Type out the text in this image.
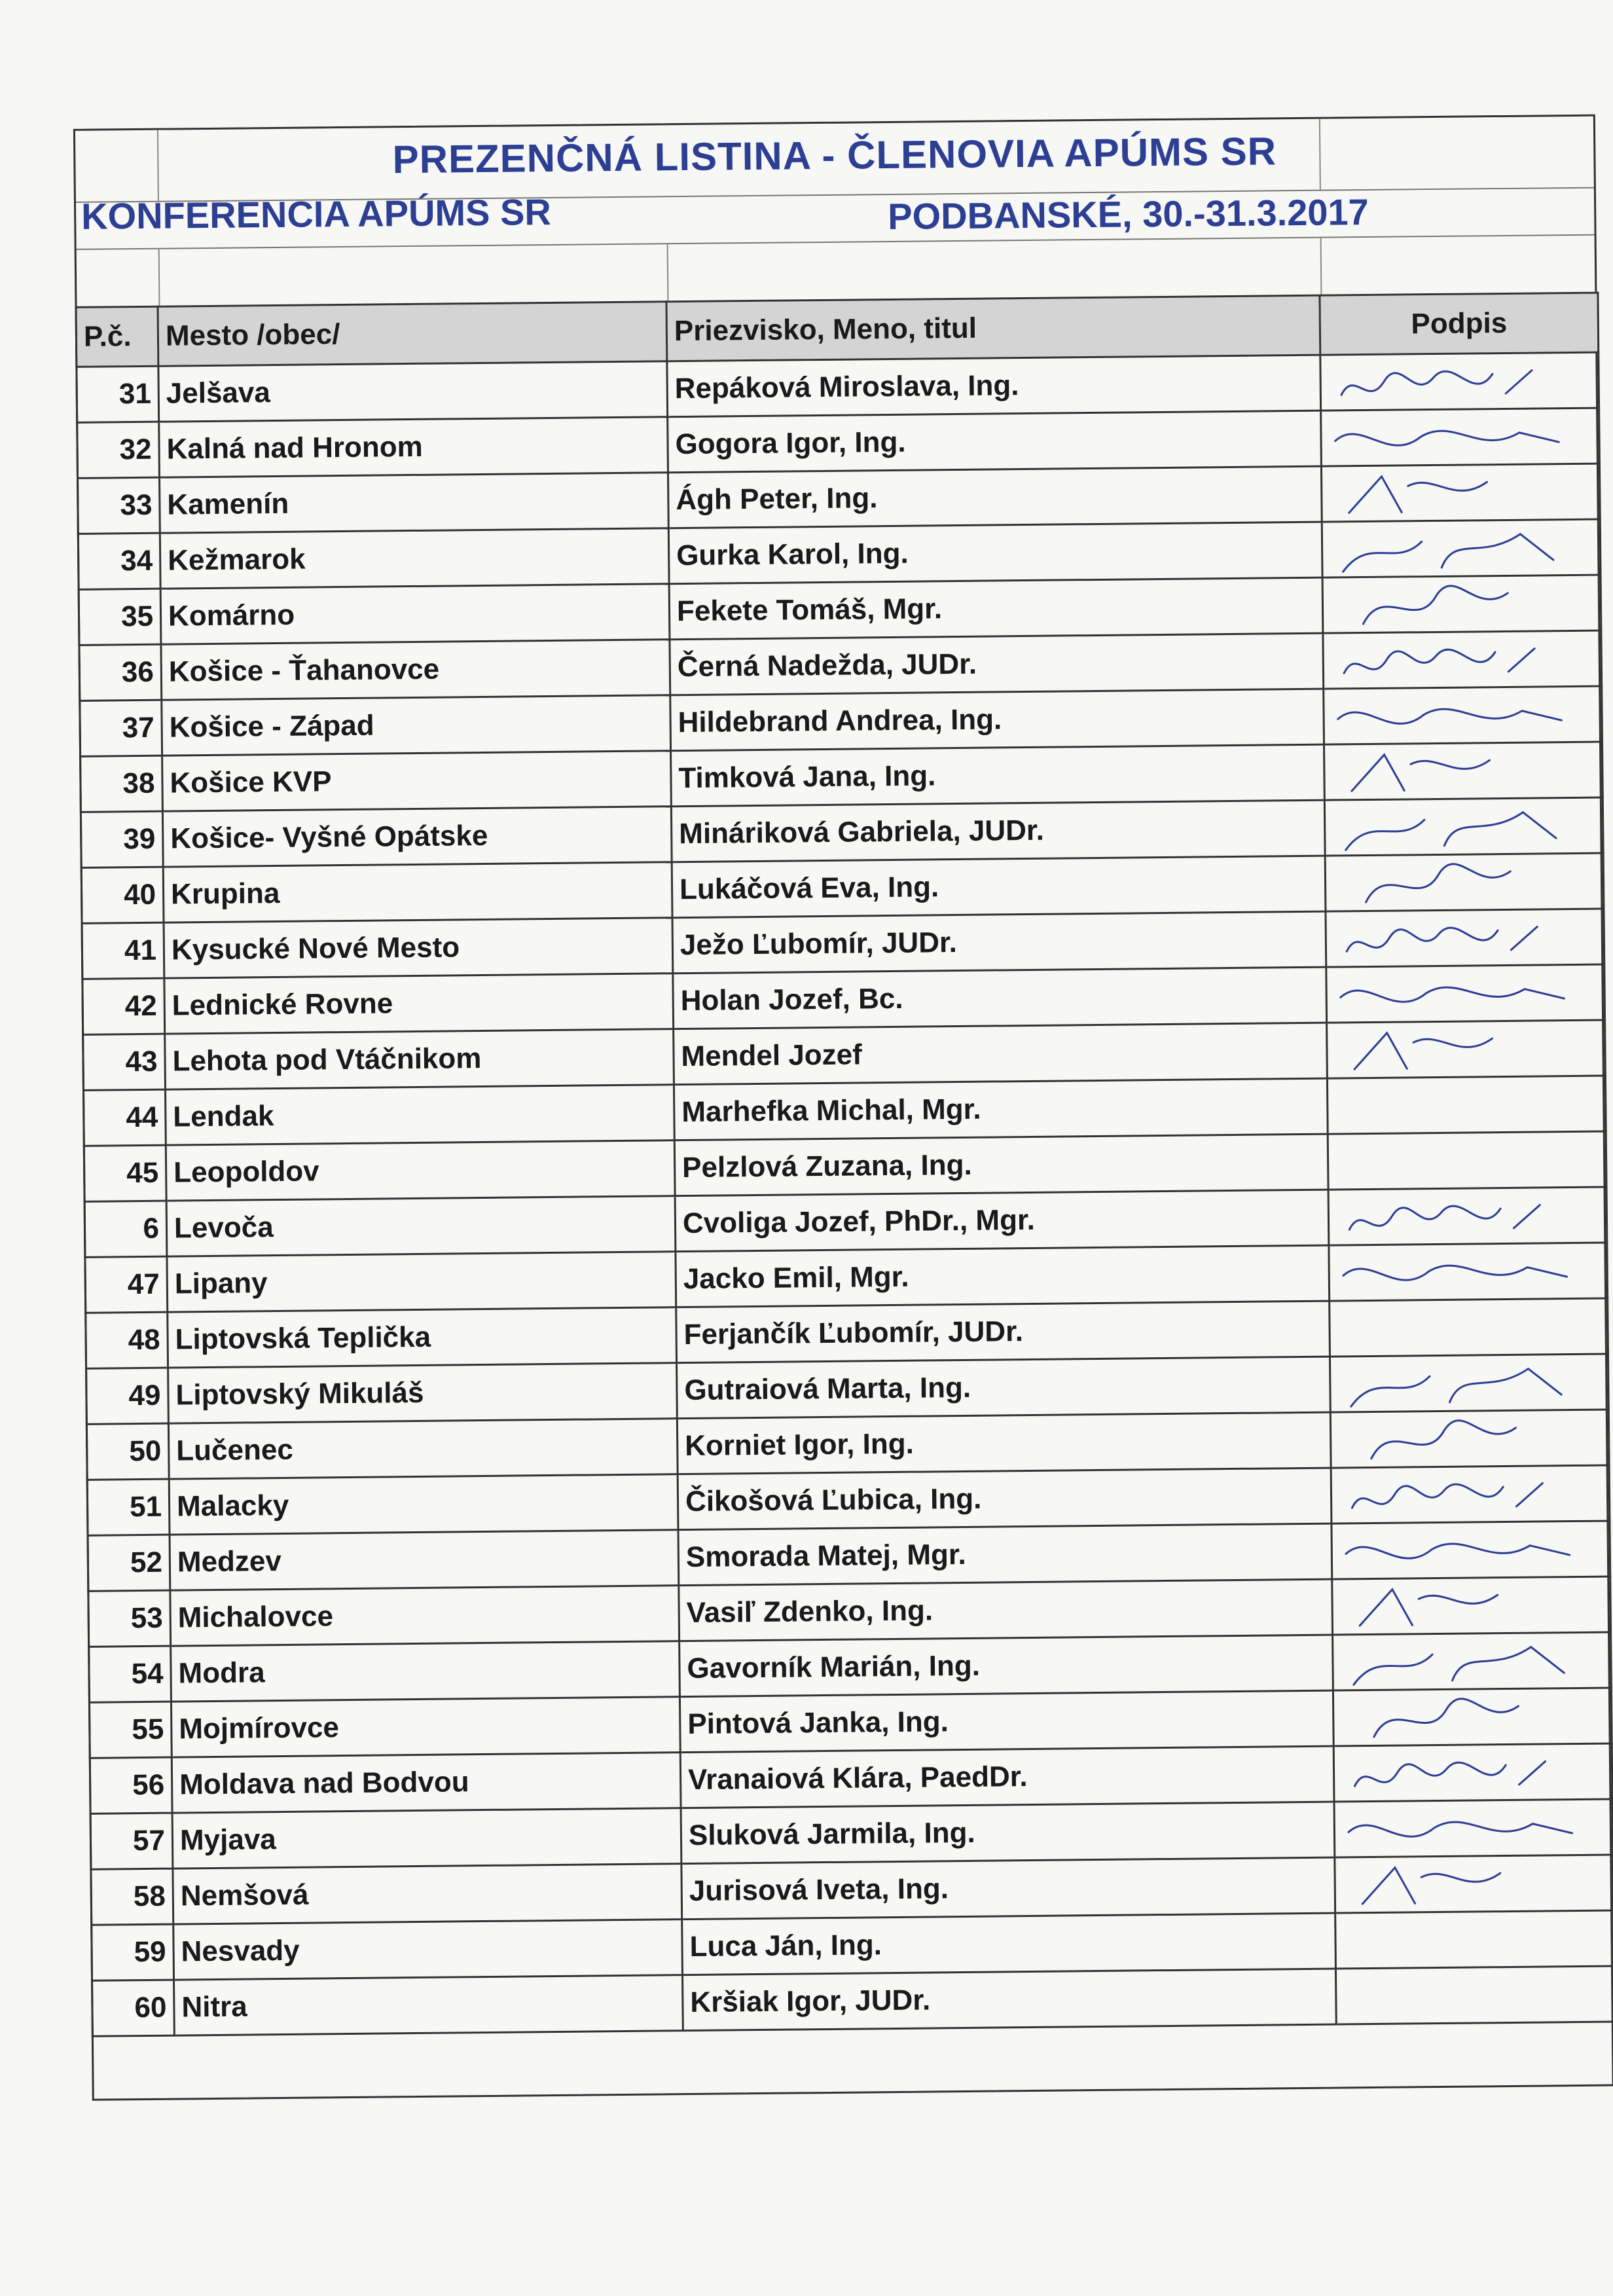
PREZENČNÁ LISTINA - ČLENOVIA APÚMS SR
KONFERENCIA APÚMS SR	PODBANSKÉ, 30.-31.3.2017
P.č.	Mesto /obec/	Priezvisko, Meno, titul	Podpis
31	Jelšava	Repáková Miroslava, Ing.	

32	Kalná nad Hronom	Gogora Igor, Ing.	

33	Kamenín	Ágh Peter, Ing.	

34	Kežmarok	Gurka Karol, Ing.	

35	Komárno	Fekete Tomáš, Mgr.	

36	Košice - Ťahanovce	Černá Nadežda, JUDr.	

37	Košice - Západ	Hildebrand Andrea, Ing.	

38	Košice KVP	Timková Jana, Ing.	

39	Košice- Vyšné Opátske	Mináriková Gabriela, JUDr.	

40	Krupina	Lukáčová Eva, Ing.	

41	Kysucké Nové Mesto	Ježo Ľubomír, JUDr.	

42	Lednické Rovne	Holan Jozef, Bc.	

43	Lehota pod Vtáčnikom	Mendel Jozef	

44	Lendak	Marhefka Michal, Mgr.	
45	Leopoldov	Pelzlová Zuzana, Ing.	
6	Levoča	Cvoliga Jozef, PhDr., Mgr.	

47	Lipany	Jacko Emil, Mgr.	

48	Liptovská Teplička	Ferjančík Ľubomír, JUDr.	
49	Liptovský Mikuláš	Gutraiová Marta, Ing.	

50	Lučenec	Korniet Igor, Ing.	

51	Malacky	Čikošová Ľubica, Ing.	

52	Medzev	Smorada Matej, Mgr.	

53	Michalovce	Vasiľ Zdenko, Ing.	

54	Modra	Gavorník Marián, Ing.	

55	Mojmírovce	Pintová Janka, Ing.	

56	Moldava nad Bodvou	Vranaiová Klára, PaedDr.	

57	Myjava	Sluková Jarmila, Ing.	

58	Nemšová	Jurisová Iveta, Ing.	

59	Nesvady	Luca Ján, Ing.	
60	Nitra	Kršiak Igor, JUDr.	
